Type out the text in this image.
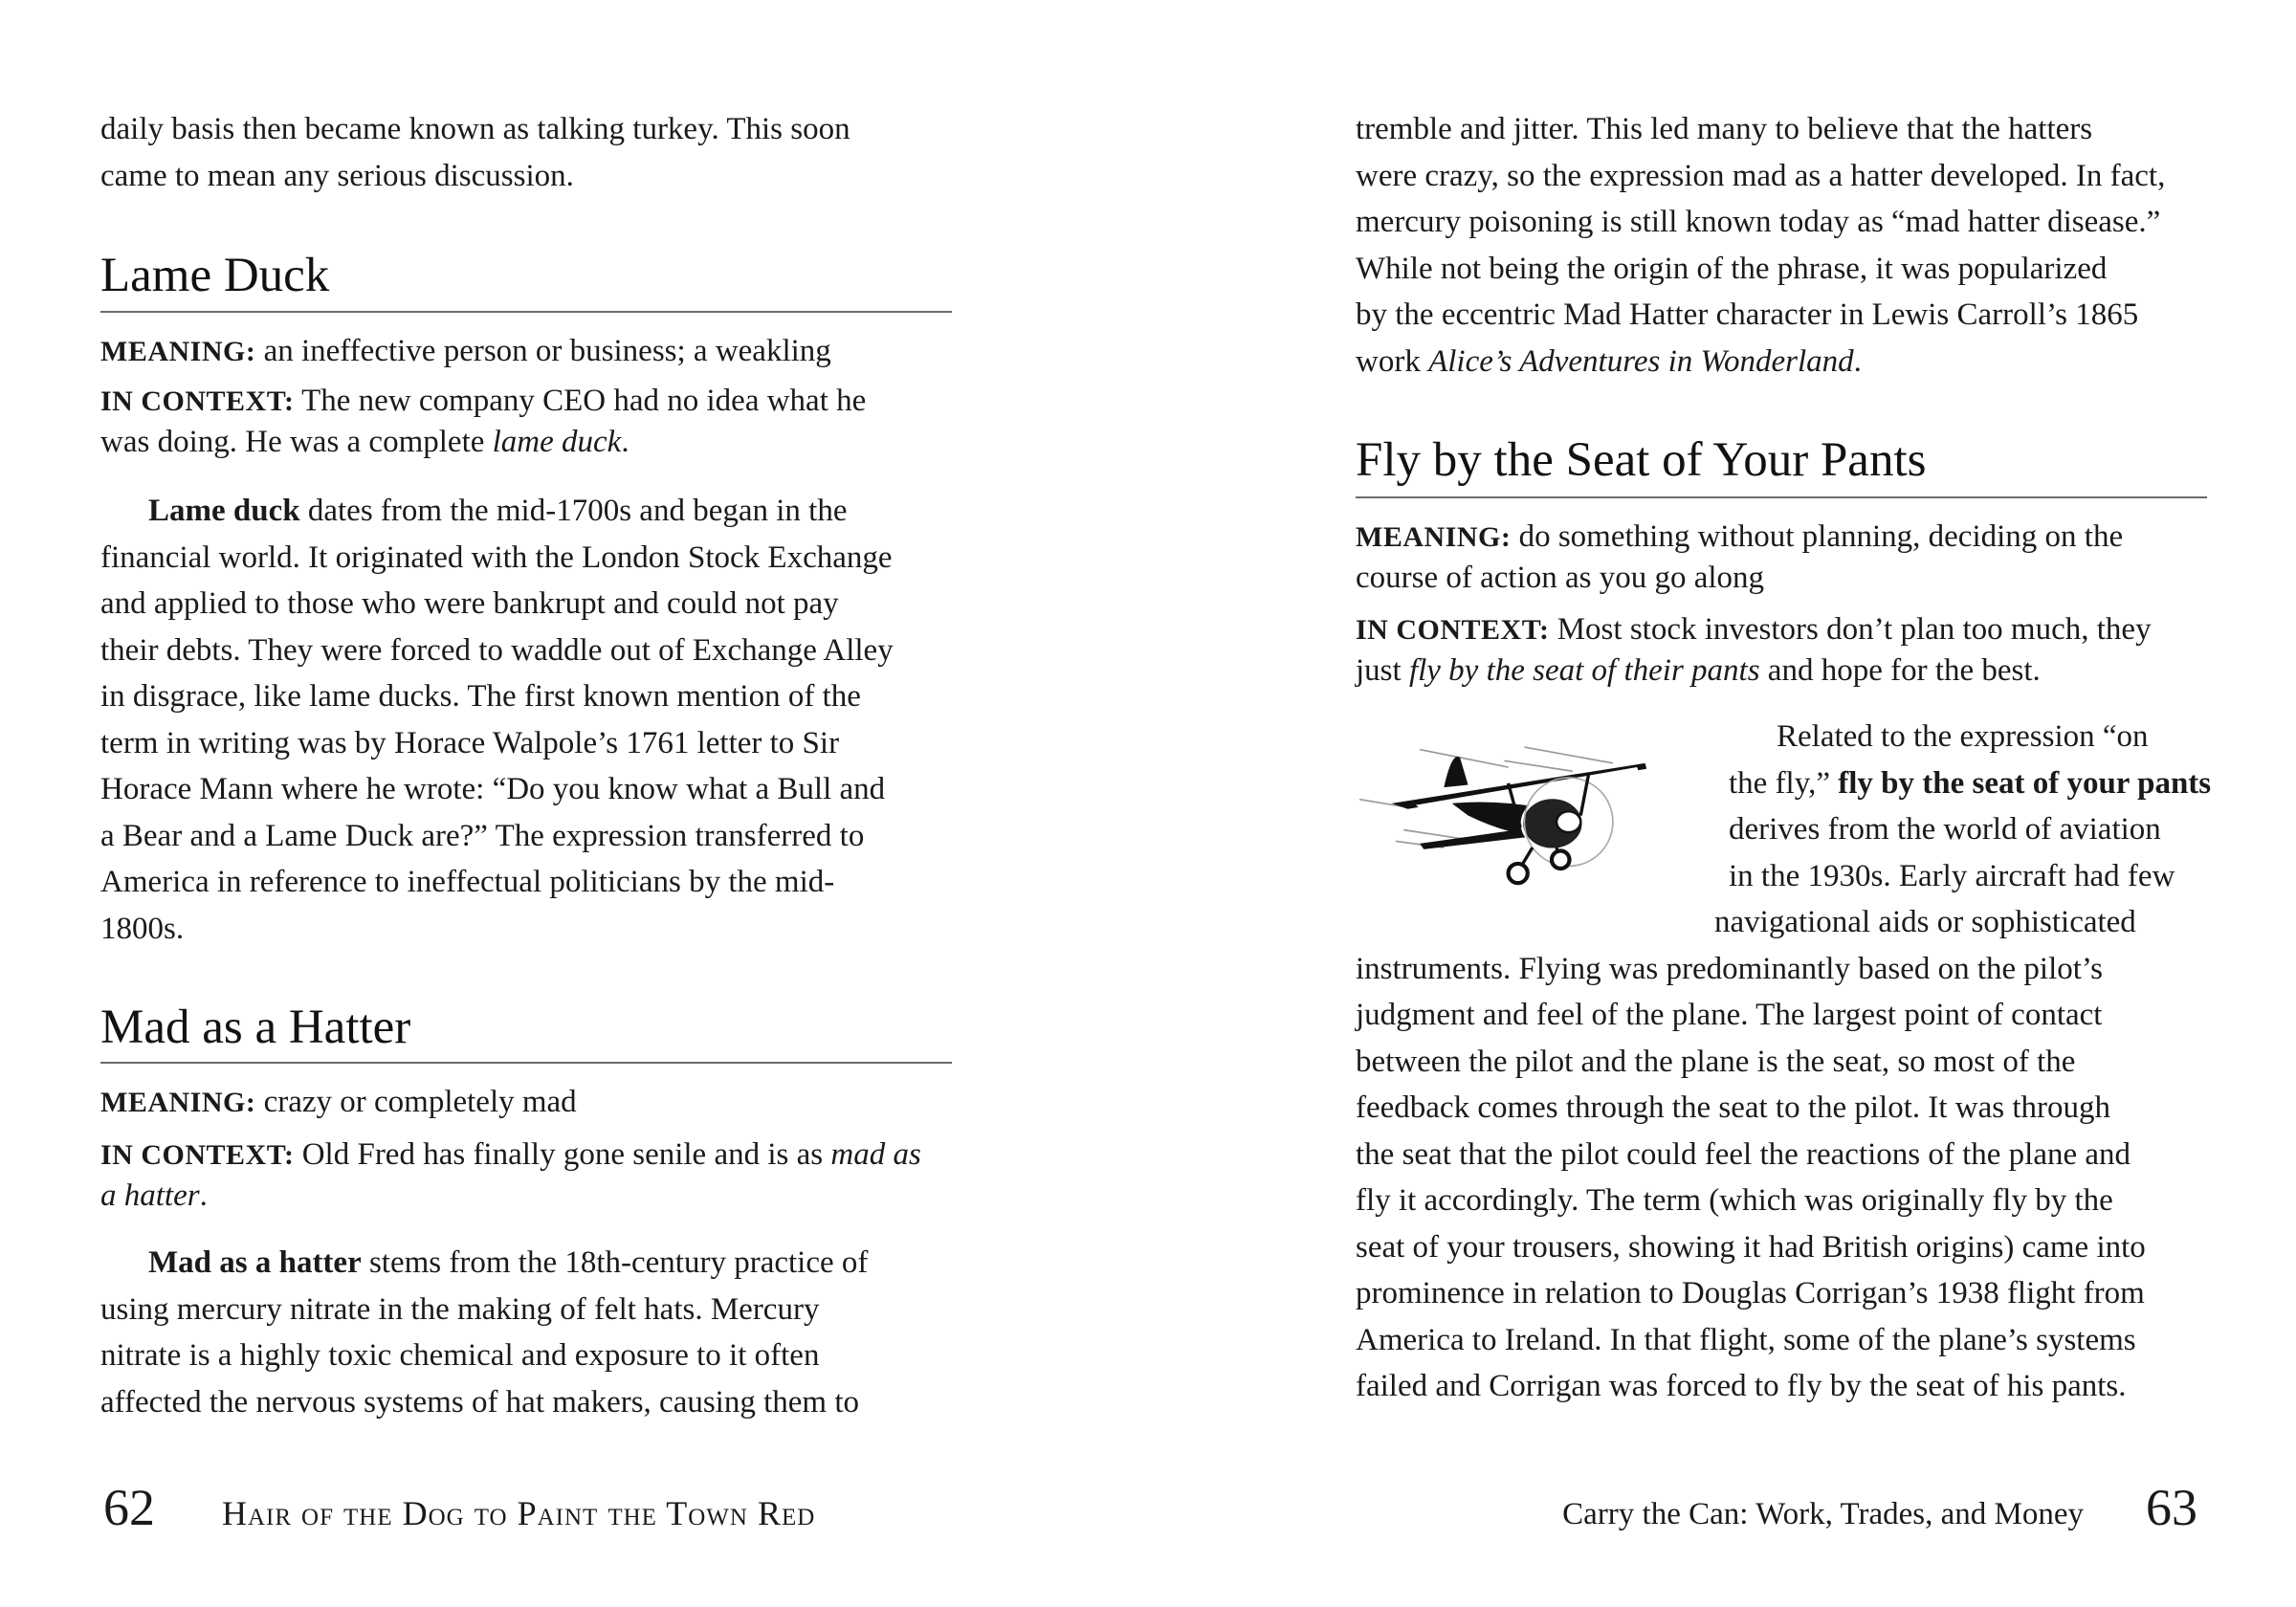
daily basis then became known as talking turkey. This soon
came to mean any serious discussion.
Lame Duck
MEANING: an ineffective person or business; a weakling
IN CONTEXT: The new company CEO had no idea what he
was doing. He was a complete lame duck.
Lame duck dates from the mid-1700s and began in the
financial world. It originated with the London Stock Exchange
and applied to those who were bankrupt and could not pay
their debts. They were forced to waddle out of Exchange Alley
in disgrace, like lame ducks. The first known mention of the
term in writing was by Horace Walpole’s 1761 letter to Sir
Horace Mann where he wrote: “Do you know what a Bull and
a Bear and a Lame Duck are?” The expression transferred to
America in reference to ineffectual politicians by the mid-
1800s.
Mad as a Hatter
MEANING: crazy or completely mad
IN CONTEXT: Old Fred has finally gone senile and is as mad as
a hatter.
Mad as a hatter stems from the 18th-century practice of
using mercury nitrate in the making of felt hats. Mercury
nitrate is a highly toxic chemical and exposure to it often
affected the nervous systems of hat makers, causing them to
62 Hair of the Dog to Paint the Town Red
tremble and jitter. This led many to believe that the hatters
were crazy, so the expression mad as a hatter developed. In fact,
mercury poisoning is still known today as “mad hatter disease.”
While not being the origin of the phrase, it was popularized
by the eccentric Mad Hatter character in Lewis Carroll’s 1865
work Alice’s Adventures in Wonderland.
Fly by the Seat of Your Pants
MEANING: do something without planning, deciding on the
course of action as you go along
IN CONTEXT: Most stock investors don’t plan too much, they
just fly by the seat of their pants and hope for the best.
Related to the expression “on
the fly,” fly by the seat of your pants
derives from the world of aviation
in the 1930s. Early aircraft had few
navigational aids or sophisticated
instruments. Flying was predominantly based on the pilot’s
judgment and feel of the plane. The largest point of contact
between the pilot and the plane is the seat, so most of the
feedback comes through the seat to the pilot. It was through
the seat that the pilot could feel the reactions of the plane and
fly it accordingly. The term (which was originally fly by the
seat of your trousers, showing it had British origins) came into
prominence in relation to Douglas Corrigan’s 1938 flight from
America to Ireland. In that flight, some of the plane’s systems
failed and Corrigan was forced to fly by the seat of his pants.
Carry the Can: Work, Trades, and Money 63
